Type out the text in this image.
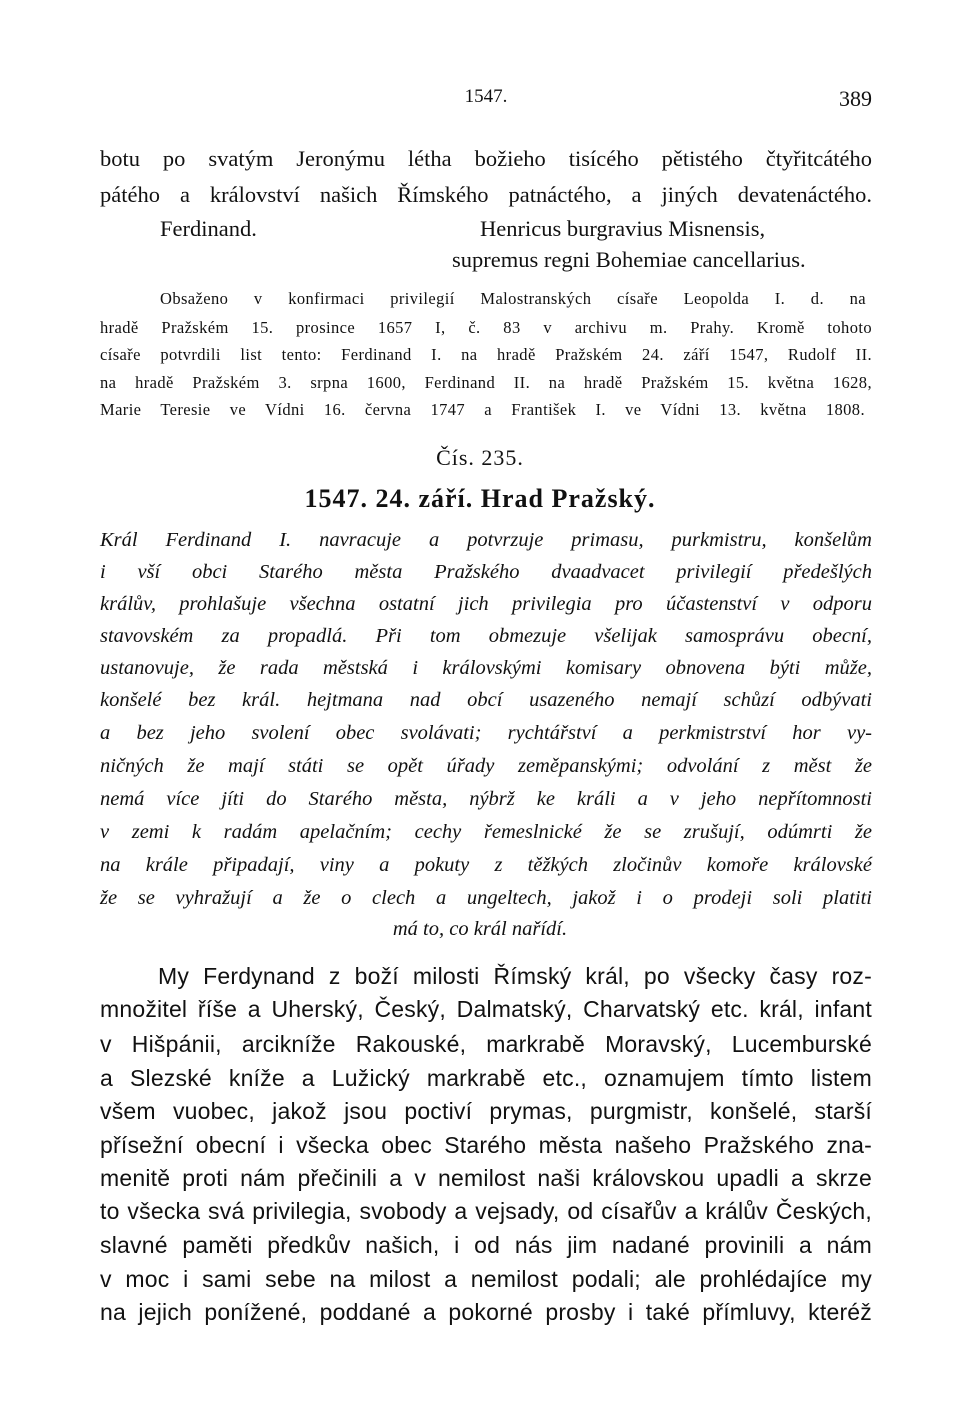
1547.	389
botu po svatým Jeronýmu létha božieho tisícého pětistého čtyřitcátého
pátého a království našich Římského patnáctého, a jiných devatenáctého.
Ferdinand.	Henricus burgravius Misnensis,
supremus regni Bohemiae cancellarius.
Obsaženo v konfirmaci privilegií Malostranských císaře Leopolda I. d. na
hradě Pražském 15. prosince 1657 I, č. 83 v archivu m. Prahy. Kromě tohoto
císaře potvrdili list tento: Ferdinand I. na hradě Pražském 24. září 1547, Rudolf II.
na hradě Pražském 3. srpna 1600, Ferdinand II. na hradě Pražském 15. května 1628,
Marie Teresie ve Vídni 16. června 1747 a František I. ve Vídni 13. května 1808.
Čís. 235.
1547. 24. září. Hrad Pražský.
Král Ferdinand I. navracuje a potvrzuje primasu, purkmistru, konšelům
i vší obci Starého města Pražského dvaadvacet privilegií předešlých
králův, prohlašuje všechna ostatní jich privilegia pro účastenství v odporu
stavovském za propadlá. Při tom obmezuje všelijak samosprávu obecní,
ustanovuje, že rada městská i královskými komisary obnovena býti může,
konšelé bez král. hejtmana nad obcí usazeného nemají schůzí odbývati
a bez jeho svolení obec svolávati; rychtářství a perkmistrství hor vy-
ničných že mají státi se opět úřady zeměpanskými; odvolání z měst že
nemá více jíti do Starého města, nýbrž ke králi a v jeho nepřítomnosti
v zemi k radám apelačním; cechy řemeslnické že se zrušují, odúmrti že
na krále připadají, viny a pokuty z těžkých zločinův komoře královské
že se vyhražují a že o clech a ungeltech, jakož i o prodeji soli platiti
má to, co král nařídí.
My Ferdynand z boží milosti Římský král, po všecky časy roz-
množitel říše a Uherský, Český, Dalmatský, Charvatský etc. král, infant
v Hišpánii, arcikníže Rakouské, markrabě Moravský, Lucemburské
a Slezské kníže a Lužický markrabě etc., oznamujem tímto listem
všem vuobec, jakož jsou poctiví prymas, purgmistr, konšelé, starší
přísežní obecní i všecka obec Starého města našeho Pražského zna-
menitě proti nám přečinili a v nemilost naši královskou upadli a skrze
to všecka svá privilegia, svobody a vejsady, od císařův a králův Českých,
slavné paměti předkův našich, i od nás jim nadané provinili a nám
v moc i sami sebe na milost a nemilost podali; ale prohlédajíce my
na jejich ponížené, poddané a pokorné prosby i také přímluvy, kteréž
